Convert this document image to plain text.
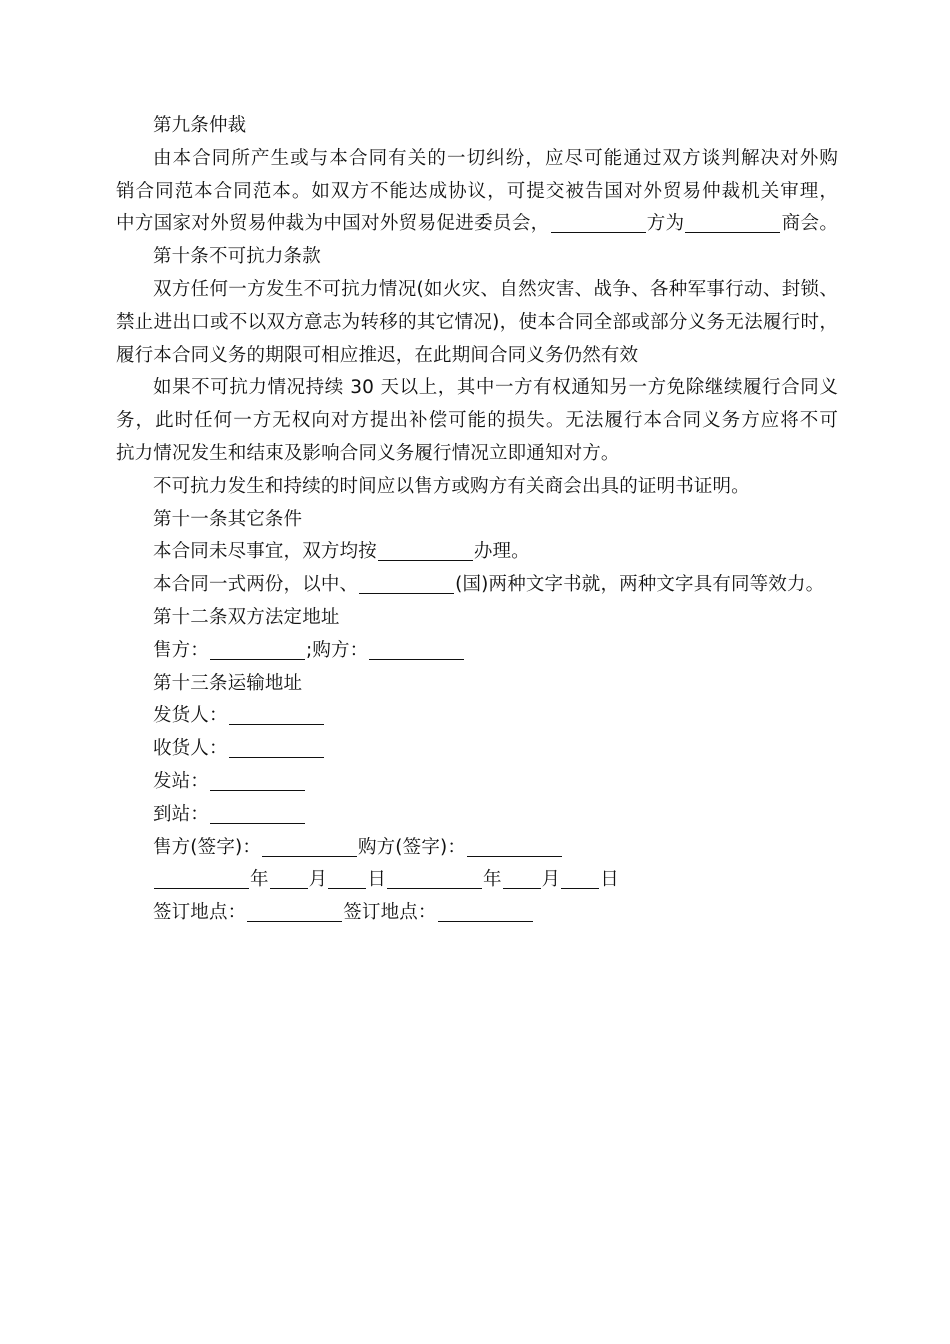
第九条仲裁

由本合同所产生或与本合同有关的一切纠纷，应尽可能通过双方谈判解决对外购

销合同范本合同范本。如双方不能达成协议，可提交被告国对外贸易仲裁机关审理，

中方国家对外贸易仲裁为中国对外贸易促进委员会，	方为	商会。

第十条不可抗力条款

双方任何一方发生不可抗力情况(如火灾、自然灾害、战争、各种军事行动、封锁、

禁止进出口或不以双方意志为转移的其它情况)，使本合同全部或部分义务无法履行时，

履行本合同义务的期限可相应推迟，在此期间合同义务仍然有效

如果不可抗力情况持续 30 天以上，其中一方有权通知另一方免除继续履行合同义

务，此时任何一方无权向对方提出补偿可能的损失。无法履行本合同义务方应将不可

抗力情况发生和结束及影响合同义务履行情况立即通知对方。

不可抗力发生和持续的时间应以售方或购方有关商会出具的证明书证明。

第十一条其它条件

本合同未尽事宜，双方均按	办理。

本合同一式两份，以中、	(国)两种文字书就，两种文字具有同等效力。

第十二条双方法定地址

售方：	;购方：

第十三条运输地址

发货人：

收货人：

发站：

到站：

售方(签字)：	购方(签字)：

年 月 日	年 月 日

签订地点：	签订地点：
